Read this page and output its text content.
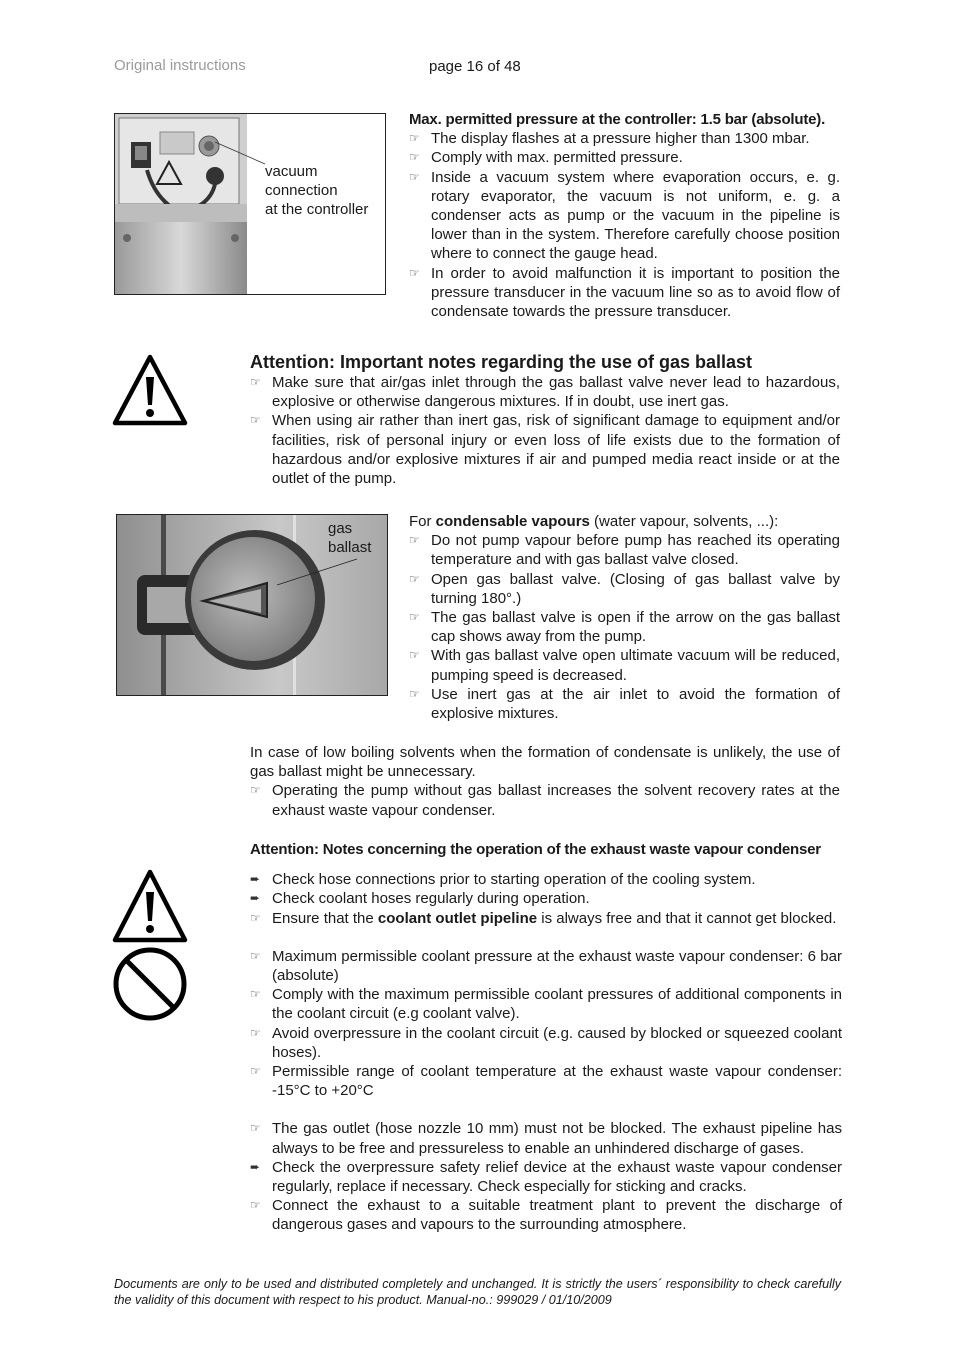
Original instructions	page 16 of 48
vacuum
connection
at the controller

Max. permitted pressure at the controller: 1.5 bar (absolute).

☞ The display flashes at a pressure higher than 1300 mbar.
☞ Comply with max. permitted pressure.
☞ Inside a vacuum system where evaporation occurs, e. g. rotary evaporator, the vacuum is not uniform, e. g. a condenser acts as pump or the vacuum in the pipeline is lower than in the system. Therefore carefully choose position where to connect the gauge head.
☞ In order to avoid malfunction it is important to position the pressure transducer in the vacuum line so as to avoid flow of condensate towards the pressure transducer.

Attention: Important notes regarding the use of gas ballast

☞ Make sure that air/gas inlet through the gas ballast valve never lead to hazardous, explosive or otherwise dangerous mixtures. If in doubt, use inert gas.
☞ When using air rather than inert gas, risk of significant damage to equipment and/or facilities, risk of personal injury or even loss of life exists due to the formation of hazardous and/or explosive mixtures if air and pumped media react inside or at the outlet of the pump.
gas
ballast

For condensable vapours (water vapour, solvents, ...):

☞ Do not pump vapour before pump has reached its operating temperature and with gas ballast valve closed.
☞ Open gas ballast valve. (Closing of gas ballast valve by turning 180°.)
☞ The gas ballast valve is open if the arrow on the gas ballast cap shows away from the pump.
☞ With gas ballast valve open ultimate vacuum will be reduced, pumping speed is decreased.
☞ Use inert gas at the air inlet to avoid the formation of explosive mixtures.

In case of low boiling solvents when the formation of condensate is unlikely, the use of gas ballast might be unnecessary.

☞ Operating the pump without gas ballast increases the solvent recovery rates at the exhaust waste vapour condenser.

Attention: Notes concerning the operation of the exhaust waste vapour condenser

➨ Check hose connections prior to starting operation of the cooling system.
➨ Check coolant hoses regularly during operation.
☞ Ensure that the coolant outlet pipeline is always free and that it cannot get blocked.
☞ Maximum permissible coolant pressure at the exhaust waste vapour condenser: 6 bar (absolute)
☞ Comply with the maximum permissible coolant pressures of additional components in the coolant circuit (e.g coolant valve).
☞ Avoid overpressure in the coolant circuit (e.g. caused by blocked or squeezed coolant hoses).
☞ Permissible range of coolant temperature at the exhaust waste vapour condenser: -15°C to +20°C
☞ The gas outlet (hose nozzle 10 mm) must not be blocked. The exhaust pipeline has always to be free and pressureless to enable an unhindered discharge of gases.
➨ Check the overpressure safety relief device at the exhaust waste vapour condenser regularly, replace if necessary. Check especially for sticking and cracks.
☞ Connect the exhaust to a suitable treatment plant to prevent the discharge of dangerous gases and vapours to the surrounding atmosphere.
Documents are only to be used and distributed completely and unchanged. It is strictly the users´ responsibility to check carefully the validity of this document with respect to his product. Manual-no.: 999029 / 01/10/2009
